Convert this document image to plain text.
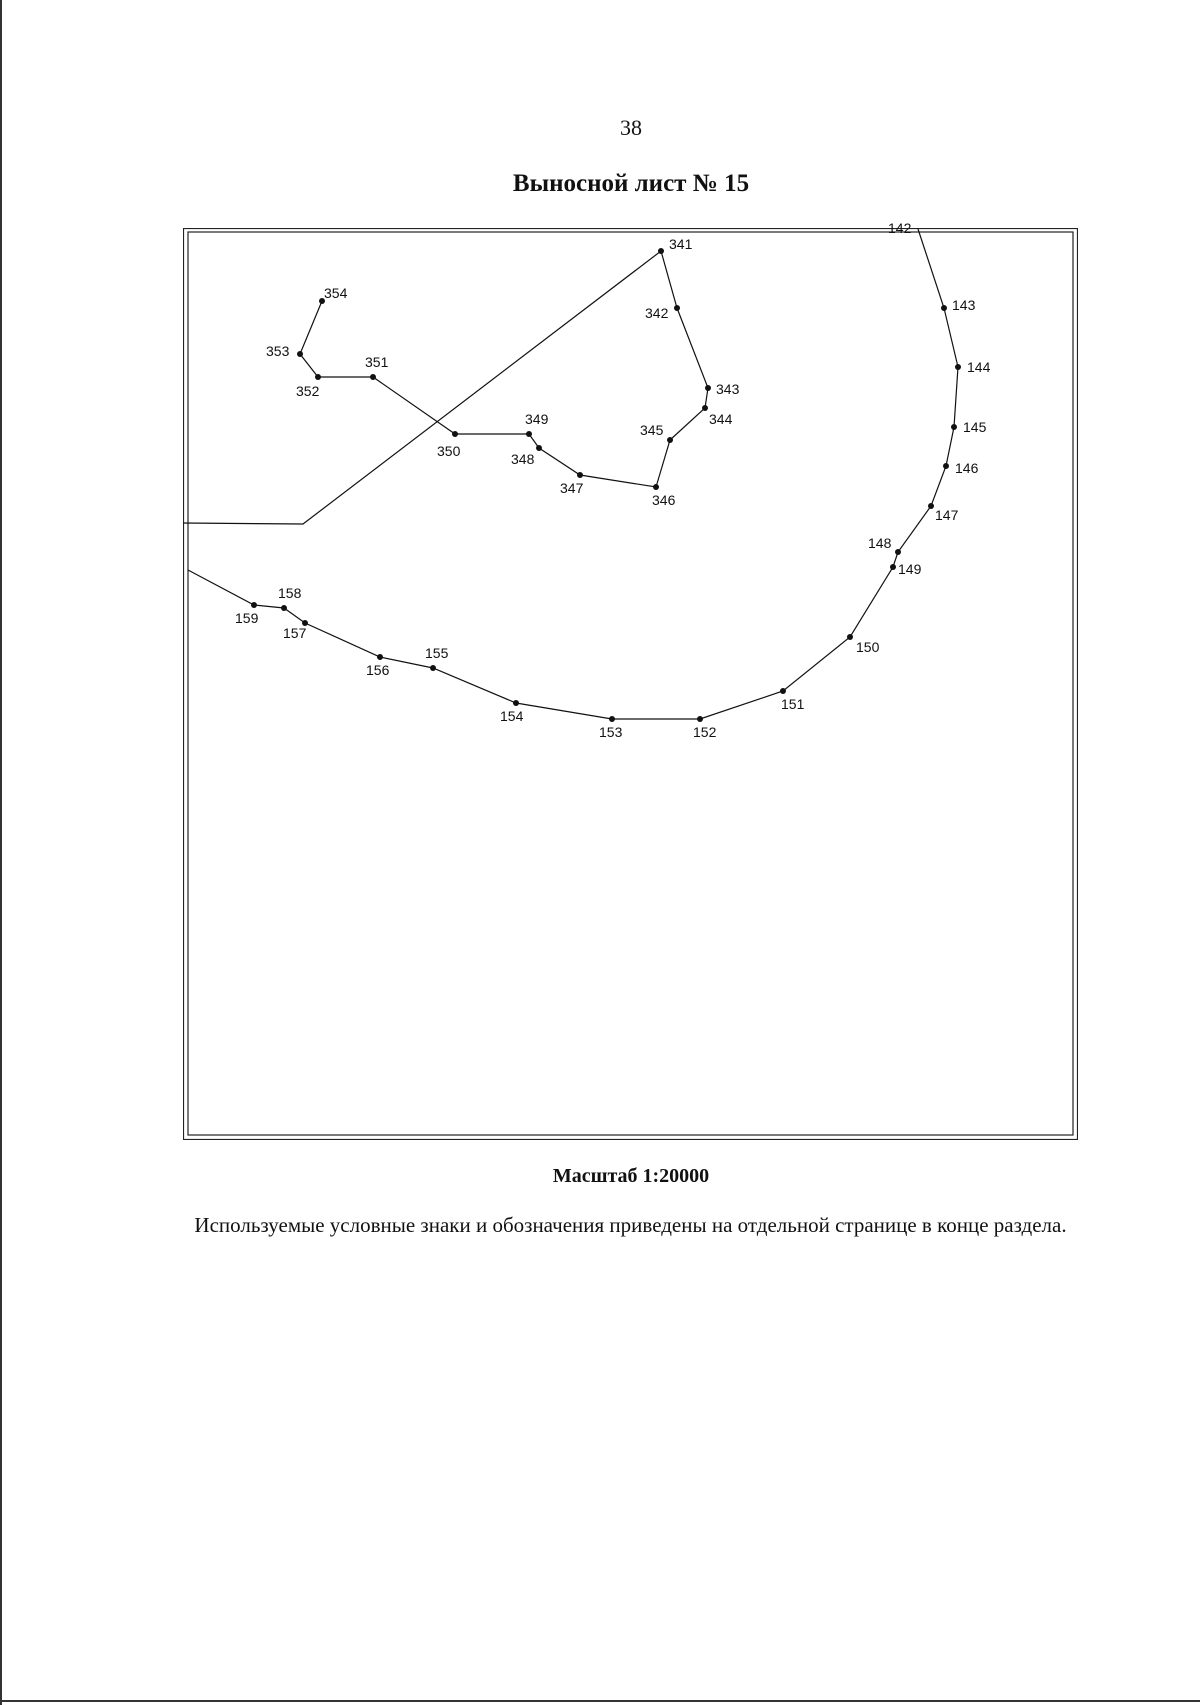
38
Выносной лист № 15
341
342
343
344
345
346
347
348
349
350
351
352
353
354
142
143
144
145
146
147
148
149
150
151
152
153
154
155
156
157
158
159
Масштаб 1:20000
Используемые условные знаки и обозначения приведены на отдельной странице в конце раздела.
